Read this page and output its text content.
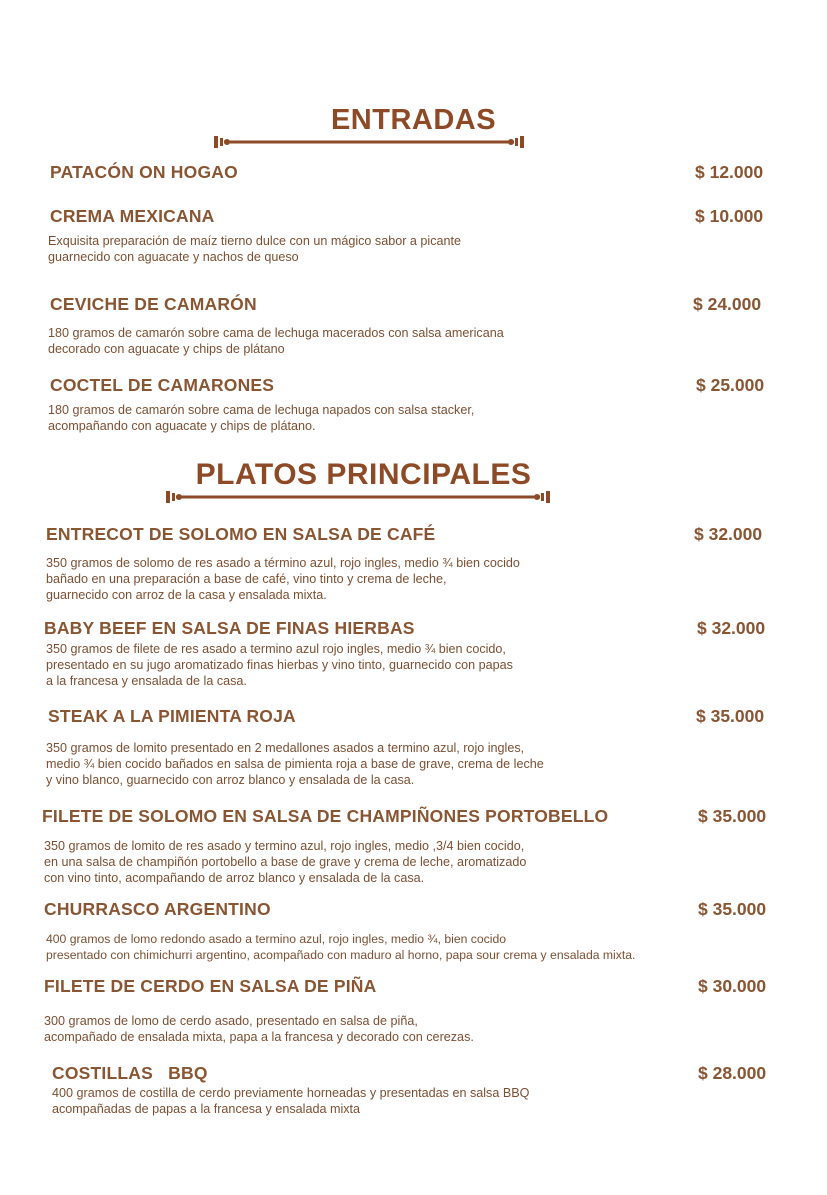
ENTRADAS
PATACÓN ON HOGAO	$ 12.000
CREMA MEXICANA	$ 10.000
Exquisita preparación de maíz tierno dulce con un mágico sabor a picante
guarnecido con aguacate y nachos de queso
CEVICHE DE CAMARÓN	$ 24.000
180 gramos de camarón sobre cama de lechuga macerados con salsa americana
decorado con aguacate y chips de plátano
COCTEL DE CAMARONES	$ 25.000
180 gramos de camarón sobre cama de lechuga napados con salsa stacker,
acompañando con aguacate y chips de plátano.
PLATOS PRINCIPALES
ENTRECOT DE SOLOMO EN SALSA DE CAFÉ	$ 32.000
350 gramos de solomo de res asado a término azul, rojo ingles, medio ¾ bien cocido
bañado en una preparación a base de café, vino tinto y crema de leche,
guarnecido con arroz de la casa y ensalada mixta.
BABY BEEF EN SALSA DE FINAS HIERBAS	$ 32.000
350 gramos de filete de res asado a termino azul rojo ingles, medio ¾ bien cocido,
presentado en su jugo aromatizado finas hierbas y vino tinto, guarnecido con papas
a la francesa y ensalada de la casa.
STEAK A LA PIMIENTA ROJA	$ 35.000
350 gramos de lomito presentado en 2 medallones asados a termino azul, rojo ingles,
medio ¾ bien cocido bañados en salsa de pimienta roja a base de grave, crema de leche
y vino blanco, guarnecido con arroz blanco y ensalada de la casa.
FILETE DE SOLOMO EN SALSA DE CHAMPIÑONES PORTOBELLO	$ 35.000
350 gramos de lomito de res asado y termino azul, rojo ingles, medio ,3/4 bien cocido,
en una salsa de champiñón portobello a base de grave y crema de leche, aromatizado
con vino tinto, acompañando de arroz blanco y ensalada de la casa.
CHURRASCO ARGENTINO	$ 35.000
400 gramos de lomo redondo asado a termino azul, rojo ingles, medio ¾, bien cocido
presentado con chimichurri argentino, acompañado con maduro al horno, papa sour crema y ensalada mixta.
FILETE DE CERDO EN SALSA DE PIÑA	$ 30.000
300 gramos de lomo de cerdo asado, presentado en salsa de piña,
acompañado de ensalada mixta, papa a la francesa y decorado con cerezas.
COSTILLAS   BBQ	$ 28.000
400 gramos de costilla de cerdo previamente horneadas y presentadas en salsa BBQ
acompañadas de papas a la francesa y ensalada mixta
